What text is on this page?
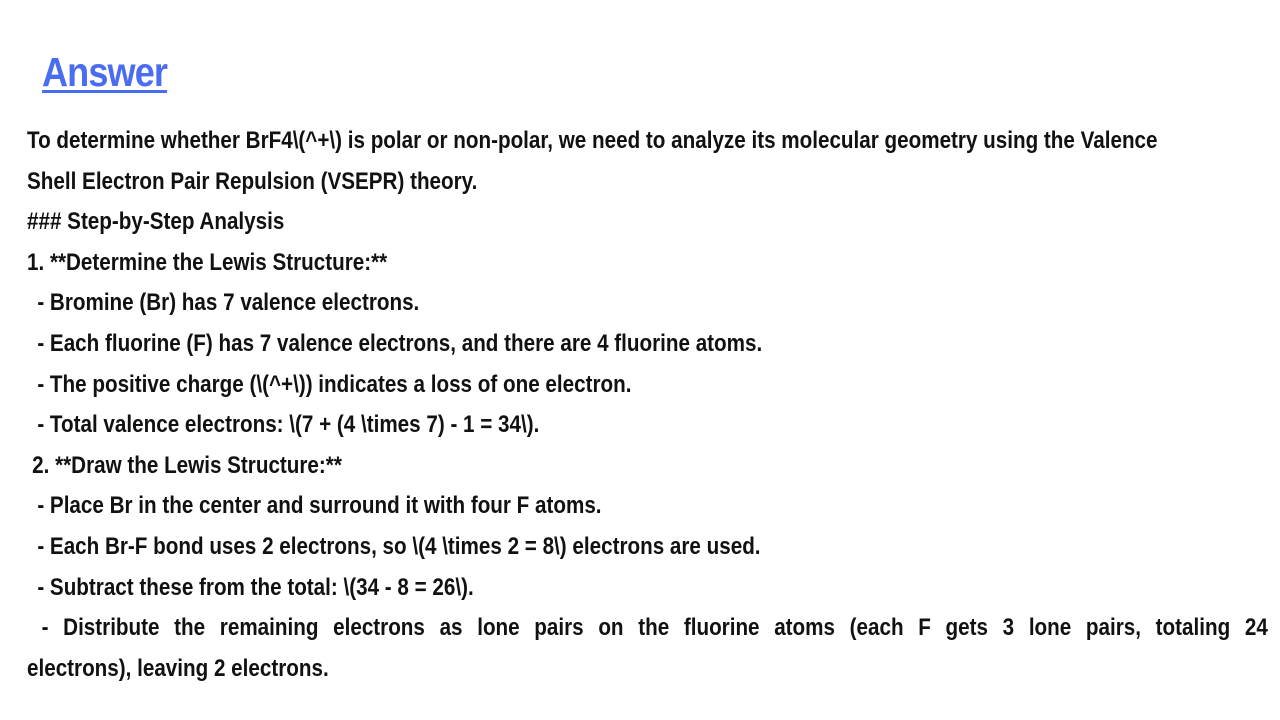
Answer
To determine whether BrF4\(^+\) is polar or non-polar, we need to analyze its molecular geometry using the Valence
Shell Electron Pair Repulsion (VSEPR) theory.
### Step-by-Step Analysis
1. **Determine the Lewis Structure:**
- Bromine (Br) has 7 valence electrons.
- Each fluorine (F) has 7 valence electrons, and there are 4 fluorine atoms.
- The positive charge (\(^+\)) indicates a loss of one electron.
- Total valence electrons: \(7 + (4 \times 7) - 1 = 34\).
2. **Draw the Lewis Structure:**
- Place Br in the center and surround it with four F atoms.
- Each Br-F bond uses 2 electrons, so \(4 \times 2 = 8\) electrons are used.
- Subtract these from the total: \(34 - 8 = 26\).
- Distribute the remaining electrons as lone pairs on the fluorine atoms (each F gets 3 lone pairs, totaling 24
electrons), leaving 2 electrons.
